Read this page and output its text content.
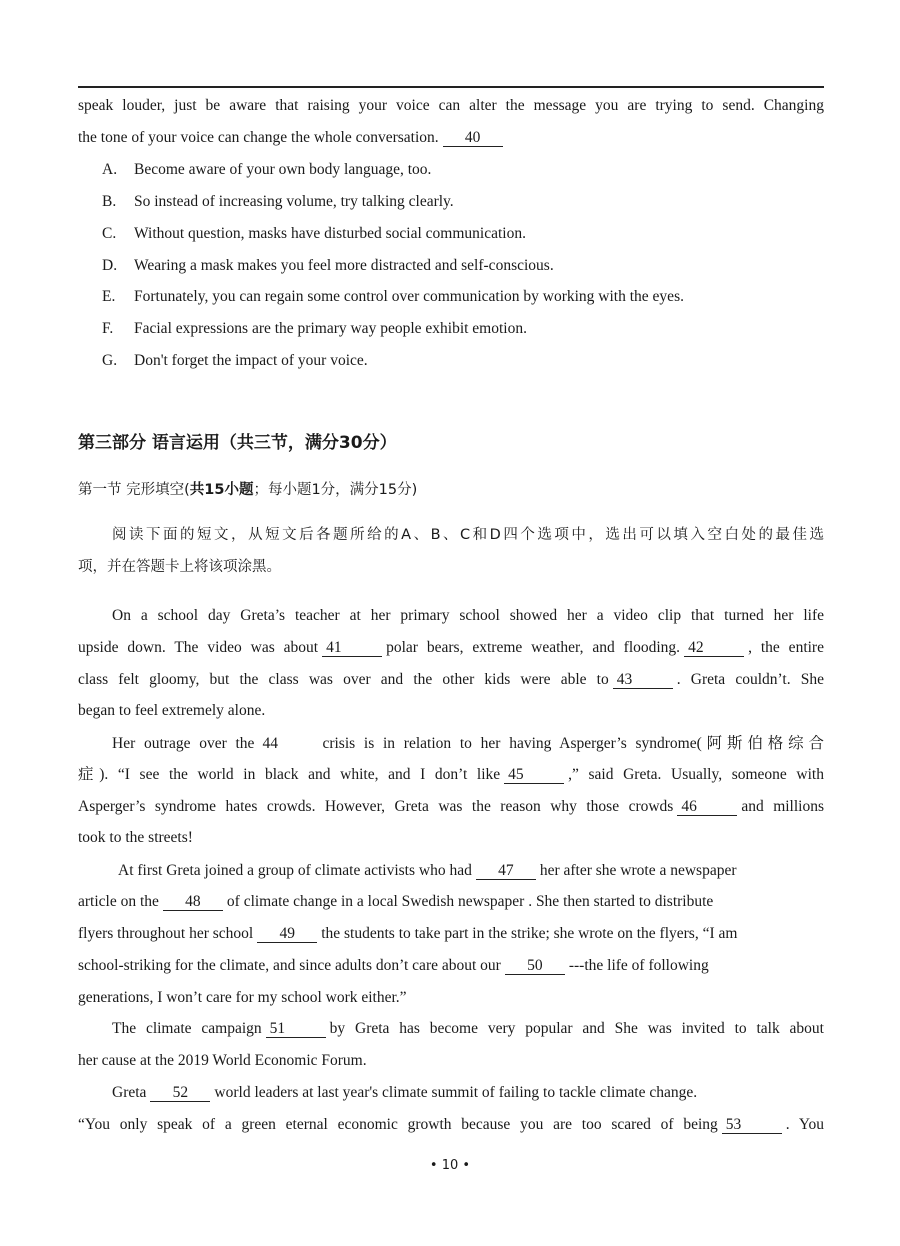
speak louder, just be aware that raising your voice can alter the message you are trying to send. Changing
the tone of your voice can change the whole conversation. 40
A. Become aware of your own body language, too.
B. So instead of increasing volume, try talking clearly.
C. Without question, masks have disturbed social communication.
D. Wearing a mask makes you feel more distracted and self-conscious.
E. Fortunately, you can regain some control over communication by working with the eyes.
F. Facial expressions are the primary way people exhibit emotion.
G. Don't forget the impact of your voice.
第三部分 语言运用（共三节，满分30分）
第一节 完形填空(共15小题；每小题1分，满分15分)
阅读下面的短文，从短文后各题所给的A、B、C和D四个选项中，选出可以填入空白处的最佳选
项，并在答题卡上将该项涂黑。
On a school day Greta’s teacher at her primary school showed her a video clip that turned her life
upside down. The video was about 41	polar bears, extreme weather, and flooding. 42	, the entire
class felt gloomy, but the class was over and the other kids were able to 43	. Greta couldn’t. She
began to feel extremely alone.
Her outrage over the 44	crisis is in relation to her having Asperger’s syndrome(阿斯伯格综合
症). “I see the world in black and white, and I don’t like 45	,” said Greta. Usually, someone with
Asperger’s syndrome hates crowds. However, Greta was the reason why those crowds 46	and millions
took to the streets!
At first Greta joined a group of climate activists who had 47 her after she wrote a newspaper
article on the 48 of climate change in a local Swedish newspaper . She then started to distribute
flyers throughout her school 49 the students to take part in the strike; she wrote on the flyers, “I am
school-striking for the climate, and since adults don’t care about our 50 ---the life of following
generations, I won’t care for my school work either.”
The climate campaign 51	by Greta has become very popular and She was invited to talk about
her cause at the 2019 World Economic Forum.
Greta 52 world leaders at last year's climate summit of failing to tackle climate change.
“You only speak of a green eternal economic growth because you are too scared of being 53	. You
• 10 •
